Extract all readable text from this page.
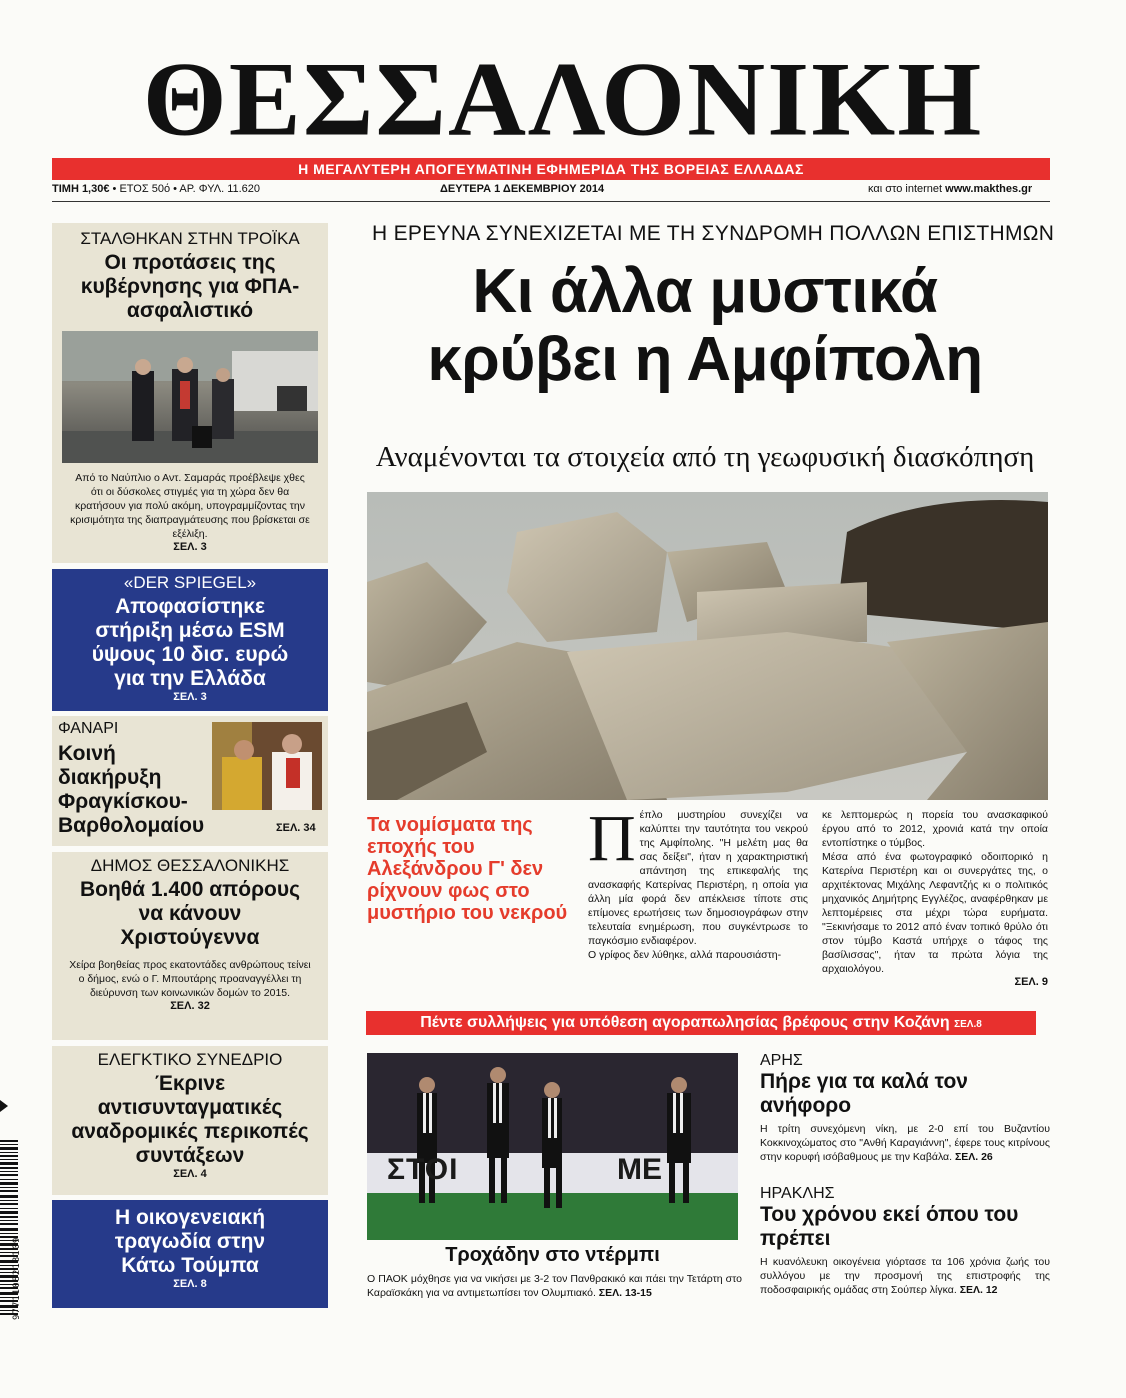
ΘΕΣΣΑΛΟΝΙΚΗ
Η ΜΕΓΑΛΥΤΕΡΗ ΑΠΟΓΕΥΜΑΤΙΝΗ ΕΦΗΜΕΡΙΔΑ ΤΗΣ ΒΟΡΕΙΑΣ ΕΛΛΑΔΑΣ
ΤΙΜΗ 1,30€ • ΕΤΟΣ 50ό • ΑΡ. ΦΥΛ. 11.620	ΔΕΥΤΕΡΑ 1 ΔΕΚΕΜΒΡΙΟΥ 2014	και στο internet www.makthes.gr
ΣΤΑΛΘΗΚΑΝ ΣΤΗΝ ΤΡΟΪΚΑ
Οι προτάσεις της κυβέρνησης για ΦΠΑ-ασφαλιστικό
Από το Ναύπλιο ο Αντ. Σαμαράς προέβλεψε χθες ότι οι δύσκολες στιγμές για τη χώρα δεν θα κρατήσουν για πολύ ακόμη, υπογραμμίζοντας την κρισιμότητα της διαπραγμάτευσης που βρίσκεται σε εξέλιξη.
ΣΕΛ. 3
«DER SPIEGEL»
Αποφασίστηκε στήριξη μέσω ESM ύψους 10 δισ. ευρώ για την Ελλάδα
ΣΕΛ. 3
ΦΑΝΑΡΙ
Κοινή διακήρυξη Φραγκίσκου-Βαρθολομαίου	ΣΕΛ. 34
ΔΗΜΟΣ ΘΕΣΣΑΛΟΝΙΚΗΣ
Βοηθά 1.400 απόρους να κάνουν Χριστούγεννα
Χείρα βοηθείας προς εκατοντάδες ανθρώπους τείνει ο δήμος, ενώ ο Γ. Μπουτάρης προαναγγέλλει τη διεύρυνση των κοινωνικών δομών το 2015.
ΣΕΛ. 32
ΕΛΕΓΚΤΙΚΟ ΣΥΝΕΔΡΙΟ
Έκρινε αντισυνταγματικές αναδρομικές περικοπές συντάξεων
ΣΕΛ. 4
Η οικογενειακή τραγωδία στην Κάτω Τούμπα
ΣΕΛ. 8
Η ΕΡΕΥΝΑ ΣΥΝΕΧΙΖΕΤΑΙ ΜΕ ΤΗ ΣΥΝΔΡΟΜΗ ΠΟΛΛΩΝ ΕΠΙΣΤΗΜΩΝ
Κι άλλα μυστικά
κρύβει η Αμφίπολη
Αναμένονται τα στοιχεία από τη γεωφυσική διασκόπηση
Τα νομίσματα της εποχής του Αλεξάνδρου Γ' δεν ρίχνουν φως στο μυστήριο του νεκρού
Π έπλο μυστηρίου συνεχίζει να καλύπτει την ταυτότητα του νεκρού της Αμφίπολης. "Η μελέτη μας θα σας δείξει", ήταν η χαρακτηριστική απάντηση της επικεφαλής της ανασκαφής Κατερίνας Περιστέρη, η οποία για άλλη μία φορά δεν απέκλεισε τίποτε στις επίμονες ερωτήσεις των δημοσιογράφων στην τελευταία ενημέρωση, που συγκέντρωσε το παγκόσμιο ενδιαφέρον.
Ο γρίφος δεν λύθηκε, αλλά παρουσιάστη-
κε λεπτομερώς η πορεία του ανασκαφικού έργου από το 2012, χρονιά κατά την οποία εντοπίστηκε ο τύμβος.
Μέσα από ένα φωτογραφικό οδοιπορικό η Κατερίνα Περιστέρη και οι συνεργάτες της, ο αρχιτέκτονας Μιχάλης Λεφαντζής κι ο πολιτικός μηχανικός Δημήτρης Εγγλέζος, αναφέρθηκαν με λεπτομέρειες στα μέχρι τώρα ευρήματα. "Ξεκινήσαμε το 2012 από έναν τοπικό θρύλο ότι στον τύμβο Καστά υπήρχε ο τάφος της βασίλισσας", ήταν τα πρώτα λόγια της αρχαιολόγου.
ΣΕΛ. 9
Πέντε συλλήψεις για υπόθεση αγοραπωλησίας βρέφους στην Κοζάνη ΣΕΛ.8
ΣΤΟΙ	ΜΕ
Τροχάδην στο ντέρμπι
Ο ΠΑΟΚ μόχθησε για να νικήσει με 3-2 τον Πανθρακικό και πάει την Τετάρτη στο Καραϊσκάκη για να αντιμετωπίσει τον Ολυμπιακό. ΣΕΛ. 13-15
ΑΡΗΣ
Πήρε για τα καλά τον ανήφορο
Η τρίτη συνεχόμενη νίκη, με 2-0 επί του Βυζαντίου Κοκκινοχώματος στο "Ανθή Καραγιάννη", έφερε τους κιτρίνους στην κορυφή ισόβαθμους με την Καβάλα. ΣΕΛ. 26
ΗΡΑΚΛΗΣ
Του χρόνου εκεί όπου του πρέπει
Η κυανόλευκη οικογένεια γιόρτασε τα 106 χρόνια ζωής του συλλόγου με την προσμονή της επιστροφής της ποδοσφαιρικής ομάδας στη Σούπερ λίγκα. ΣΕΛ. 12
9771108218109
